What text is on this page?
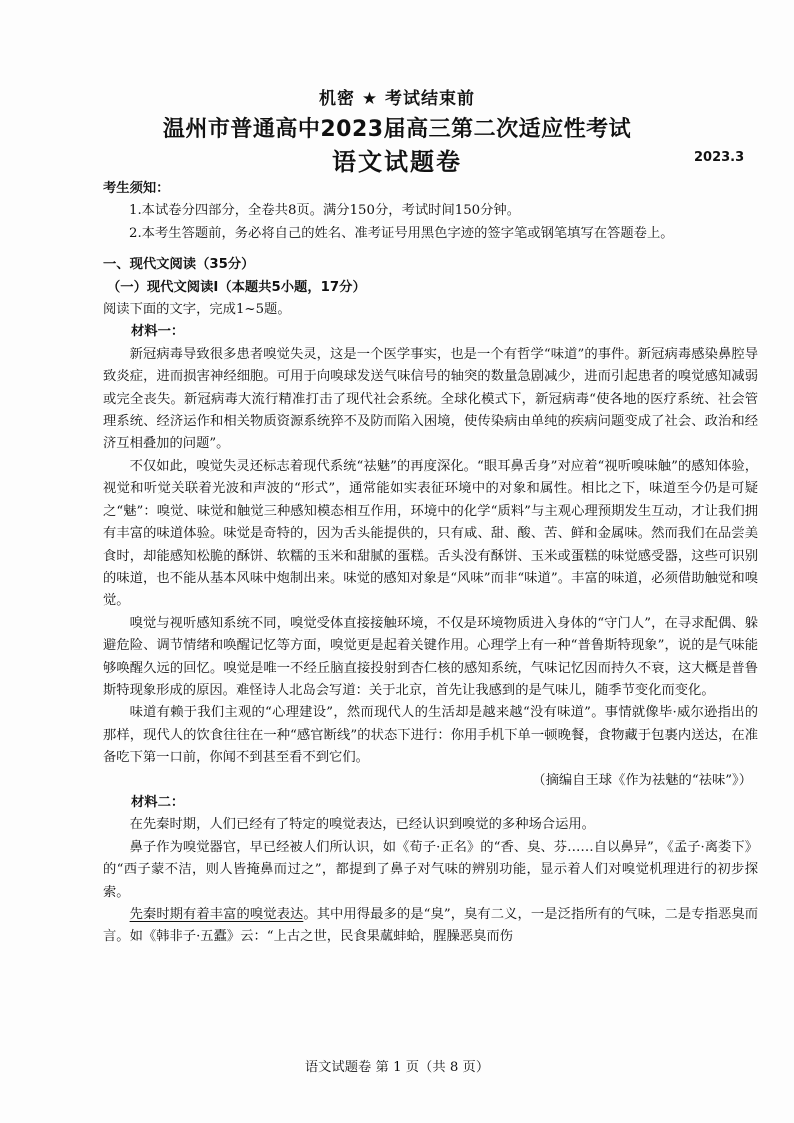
机密 ★ 考试结束前
温州市普通高中2023届高三第二次适应性考试
语文试题卷	2023.3

考生须知：

1.本试卷分四部分，全卷共8页。满分150分，考试时间150分钟。

2.本考生答题前，务必将自己的姓名、准考证号用黑色字迹的签字笔或钢笔填写在答题卷上。

一、现代文阅读（35分）

（一）现代文阅读Ⅰ（本题共5小题，17分）

阅读下面的文字，完成1~5题。

材料一：

新冠病毒导致很多患者嗅觉失灵，这是一个医学事实，也是一个有哲学“味道”的事件。新冠病毒感染鼻腔导致炎症，进而损害神经细胞。可用于向嗅球发送气味信号的轴突的数量急剧减少，进而引起患者的嗅觉感知减弱或完全丧失。新冠病毒大流行精准打击了现代社会系统。全球化模式下，新冠病毒“使各地的医疗系统、社会管理系统、经济运作和相关物质资源系统猝不及防而陷入困境，使传染病由单纯的疾病问题变成了社会、政治和经济互相叠加的问题”。

不仅如此，嗅觉失灵还标志着现代系统“祛魅”的再度深化。“眼耳鼻舌身”对应着“视听嗅味触”的感知体验，视觉和听觉关联着光波和声波的“形式”，通常能如实表征环境中的对象和属性。相比之下，味道至今仍是可疑之“魅”：嗅觉、味觉和触觉三种感知模态相互作用，环境中的化学“质料”与主观心理预期发生互动，才让我们拥有丰富的味道体验。味觉是奇特的，因为舌头能提供的，只有咸、甜、酸、苦、鲜和金属味。然而我们在品尝美食时，却能感知松脆的酥饼、软糯的玉米和甜腻的蛋糕。舌头没有酥饼、玉米或蛋糕的味觉感受器，这些可识别的味道，也不能从基本风味中炮制出来。味觉的感知对象是“风味”而非“味道”。丰富的味道，必须借助触觉和嗅觉。

嗅觉与视听感知系统不同，嗅觉受体直接接触环境，不仅是环境物质进入身体的“守门人”，在寻求配偶、躲避危险、调节情绪和唤醒记忆等方面，嗅觉更是起着关键作用。心理学上有一种“普鲁斯特现象”，说的是气味能够唤醒久远的回忆。嗅觉是唯一不经丘脑直接投射到杏仁核的感知系统，气味记忆因而持久不衰，这大概是普鲁斯特现象形成的原因。难怪诗人北岛会写道：关于北京，首先让我感到的是气味儿，随季节变化而变化。

味道有赖于我们主观的“心理建设”，然而现代人的生活却是越来越“没有味道”。事情就像毕·威尔逊指出的那样，现代人的饮食往往在一种“感官断线”的状态下进行：你用手机下单一顿晚餐，食物藏于包裹内送达，在准备吃下第一口前，你闻不到甚至看不到它们。

（摘编自王球《作为祛魅的“祛味”》）

材料二：

在先秦时期，人们已经有了特定的嗅觉表达，已经认识到嗅觉的多种场合运用。

鼻子作为嗅觉器官，早已经被人们所认识，如《荀子·正名》的“香、臭、芬……自以鼻异”，《孟子·离娄下》的“西子蒙不洁，则人皆掩鼻而过之”，都提到了鼻子对气味的辨别功能，显示着人们对嗅觉机理进行的初步探索。

先秦时期有着丰富的嗅觉表达。其中用得最多的是“臭”，臭有二义，一是泛指所有的气味，二是专指恶臭而言。如《韩非子·五蠹》云：“上古之世，民食果蓏蚌蛤，腥臊恶臭而伤

语文试题卷 第 1 页（共 8 页）
